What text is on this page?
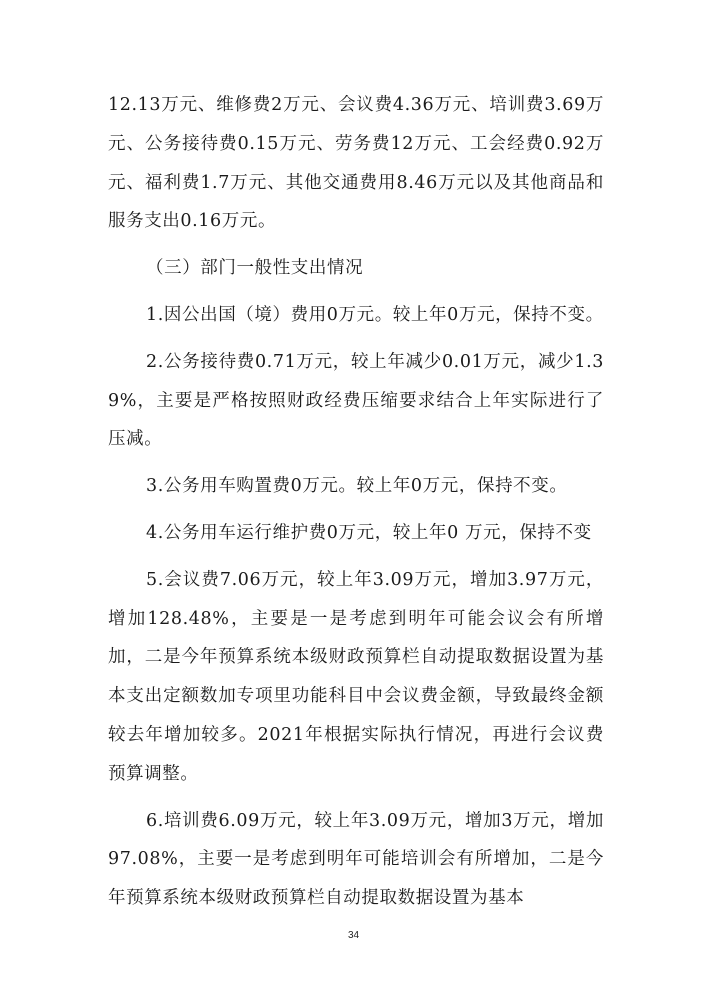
12.13万元、维修费2万元、会议费4.36万元、培训费3.69万元、公务接待费0.15万元、劳务费12万元、工会经费0.92万元、福利费1.7万元、其他交通费用8.46万元以及其他商品和服务支出0.16万元。

（三）部门一般性支出情况

1.因公出国（境）费用0万元。较上年0万元，保持不变。

2.公务接待费0.71万元，较上年减少0.01万元，减少1.39%，主要是严格按照财政经费压缩要求结合上年实际进行了压减。

3.公务用车购置费0万元。较上年0万元，保持不变。

4.公务用车运行维护费0万元，较上年0 万元，保持不变

5.会议费7.06万元，较上年3.09万元，增加3.97万元，增加128.48%，主要是一是考虑到明年可能会议会有所增加，二是今年预算系统本级财政预算栏自动提取数据设置为基本支出定额数加专项里功能科目中会议费金额，导致最终金额较去年增加较多。2021年根据实际执行情况，再进行会议费预算调整。

6.培训费6.09万元，较上年3.09万元，增加3万元，增加97.08%，主要一是考虑到明年可能培训会有所增加，二是今年预算系统本级财政预算栏自动提取数据设置为基本

34
